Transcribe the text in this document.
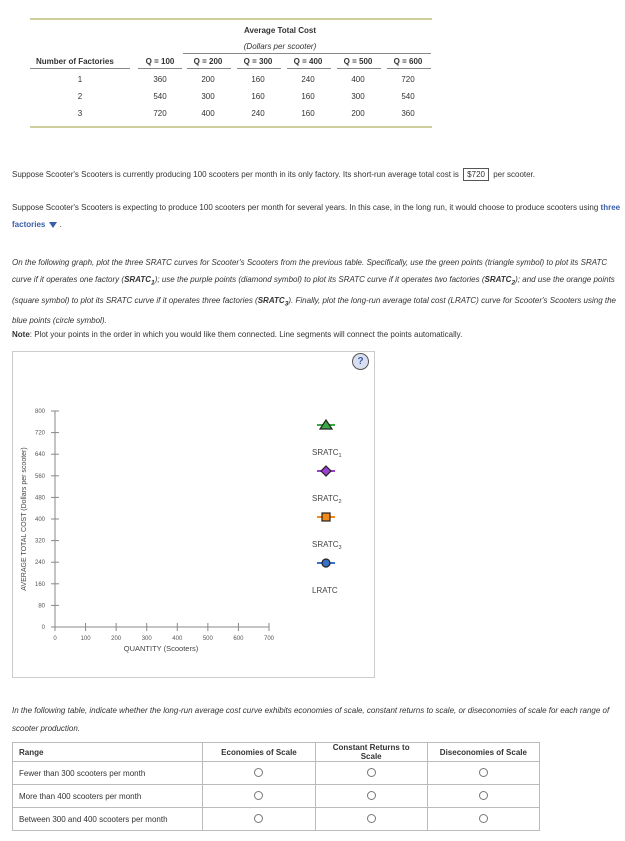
Average Total Cost
(Dollars per scooter)
Number of Factories	Q = 100	Q = 200	Q = 300	Q = 400	Q = 500	Q = 600
1	360	200	160	240	400	720
2	540	300	160	160	300	540
3	720	400	240	160	200	360
Suppose Scooter's Scooters is currently producing 100 scooters per month in its only factory. Its short-run average total cost is $720 per scooter.
Suppose Scooter's Scooters is expecting to produce 100 scooters per month for several years. In this case, in the long run, it would choose to produce scooters using three factories .
On the following graph, plot the three SRATC curves for Scooter's Scooters from the previous table. Specifically, use the green points (triangle symbol) to plot its SRATC curve if it operates one factory $(SRATC_1)$; use the purple points (diamond symbol) to plot its SRATC curve if it operates two factories $(SRATC_2)$; and use the orange points (square symbol) to plot its SRATC curve if it operates three factories $(SRATC_3)$. Finally, plot the long-run average total cost (LRATC) curve for Scooter's Scooters using the blue points (circle symbol).
Note: Plot your points in the order in which you would like them connected. Line segments will connect the points automatically.
?
0
80
160
240
320
400
480
560
640
720
800
0	100	200	300	400	500	600	700
QUANTITY (Scooters)
AVERAGE TOTAL COST (Dollars per scooter)	$SRATC_1$
$SRATC_2$
$SRATC_3$
LRATC
In the following table, indicate whether the long-run average cost curve exhibits economies of scale, constant returns to scale, or diseconomies of scale for each range of scooter production.
Range	Economies of Scale	Constant Returns to Scale	Diseconomies of Scale
Fewer than 300 scooters per month			
More than 400 scooters per month			
Between 300 and 400 scooters per month			
